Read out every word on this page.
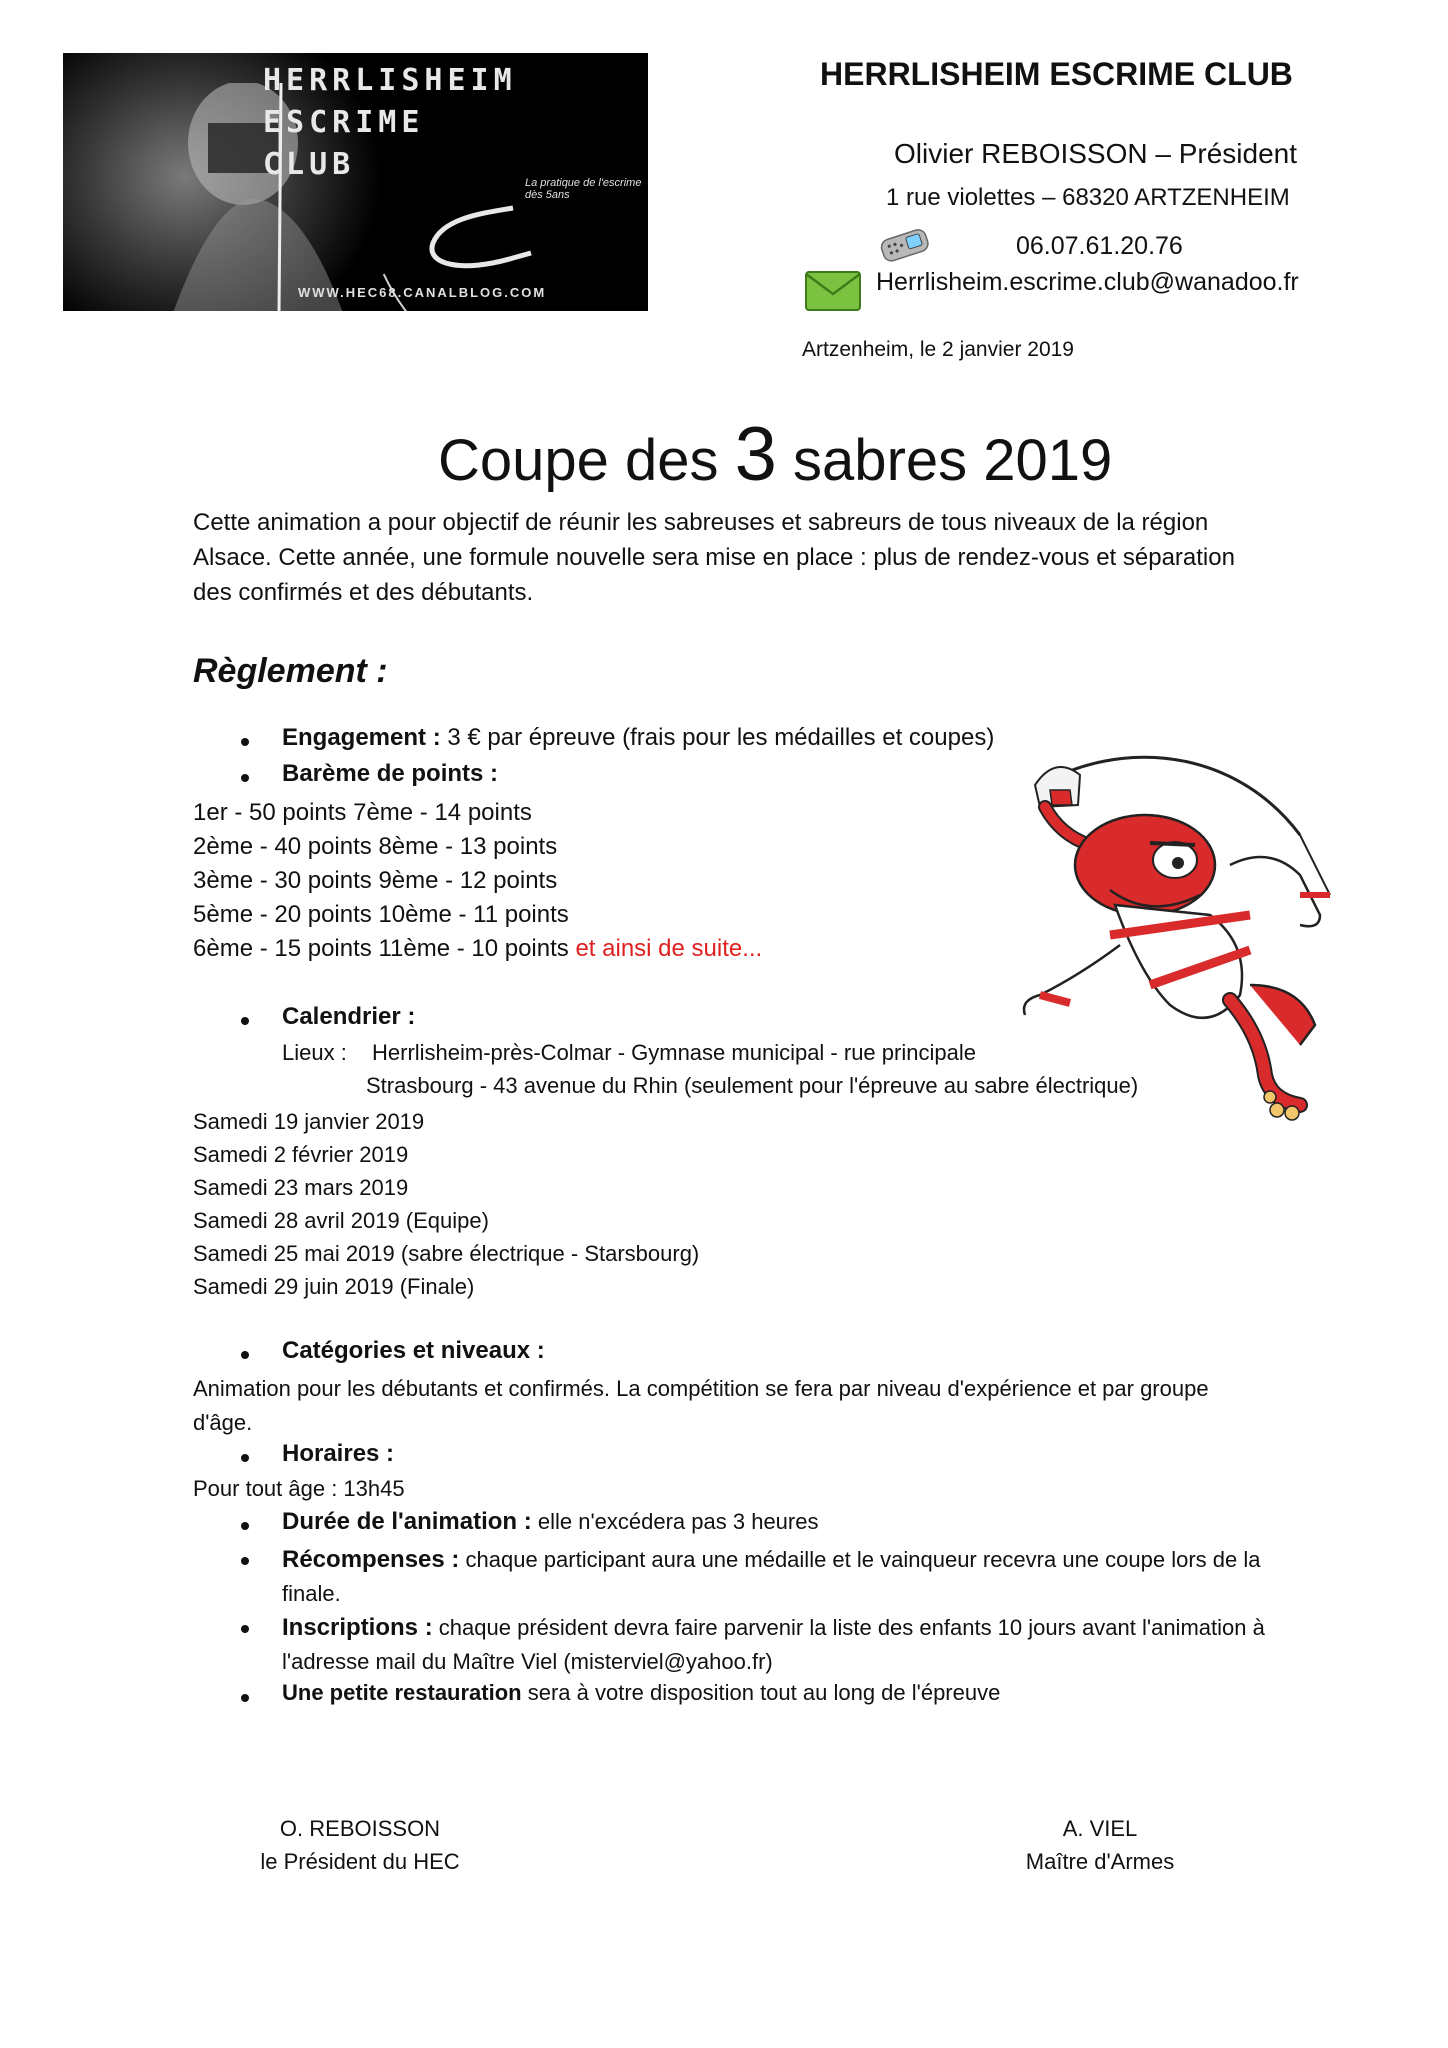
HERRLISHEIM
ESCRIME
CLUB
La pratique de l'escrime dès 5ans
WWW.HEC68.CANALBLOG.COM
HERRLISHEIM ESCRIME CLUB
Olivier REBOISSON – Président
1 rue violettes – 68320 ARTZENHEIM
06.07.61.20.76
Herrlisheim.escrime.club@wanadoo.fr
Artzenheim, le 2 janvier 2019
Coupe des 3 sabres 2019
Cette animation a pour objectif de réunir les sabreuses et sabreurs de tous niveaux de la région
Alsace. Cette année, une formule nouvelle sera mise en place : plus de rendez-vous et séparation
des confirmés et des débutants.
Règlement :
Engagement : 3 € par épreuve (frais pour les médailles et coupes)
Barème de points :
1er - 50 points 7ème - 14 points
2ème - 40 points 8ème - 13 points
3ème - 30 points 9ème - 12 points
5ème - 20 points 10ème - 11 points
6ème - 15 points 11ème - 10 points et ainsi de suite...
Calendrier :
Lieux : Herrlisheim-près-Colmar - Gymnase municipal - rue principale
Strasbourg - 43 avenue du Rhin (seulement pour l'épreuve au sabre électrique)
Samedi 19 janvier 2019
Samedi 2 février 2019
Samedi 23 mars 2019
Samedi 28 avril 2019 (Equipe)
Samedi 25 mai 2019 (sabre électrique - Starsbourg)
Samedi 29 juin 2019 (Finale)
Catégories et niveaux :
Animation pour les débutants et confirmés. La compétition se fera par niveau d'expérience et par groupe
d'âge.
Horaires :
Pour tout âge : 13h45
Durée de l'animation : elle n'excédera pas 3 heures
Récompenses : chaque participant aura une médaille et le vainqueur recevra une coupe lors de la
finale.
Inscriptions : chaque président devra faire parvenir la liste des enfants 10 jours avant l'animation à
l'adresse mail du Maître Viel (misterviel@yahoo.fr)
Une petite restauration sera à votre disposition tout au long de l'épreuve
O. REBOISSON
le Président du HEC
A. VIEL
Maître d'Armes
